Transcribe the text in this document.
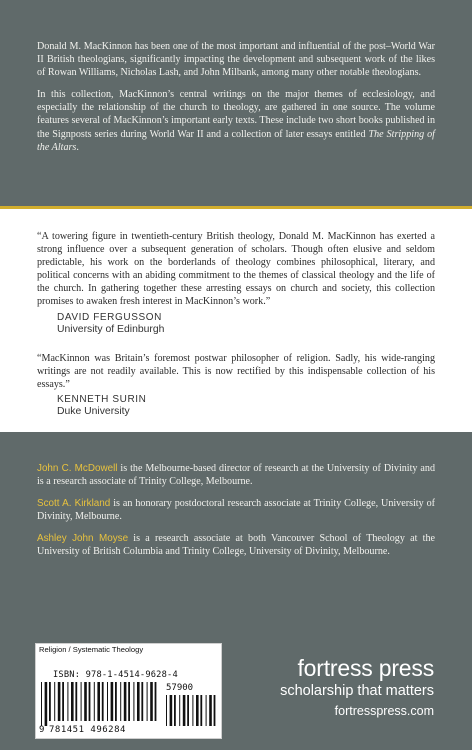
Donald M. MacKinnon has been one of the most important and influential of the post–World War II British theologians, significantly impacting the development and subsequent work of the likes of Rowan Williams, Nicholas Lash, and John Milbank, among many other notable theologians.

In this collection, MacKinnon’s central writings on the major themes of ecclesiology, and especially the relationship of the church to theology, are gathered in one source. The volume features several of MacKinnon’s important early texts. These include two short books published in the Signposts series during World War II and a collection of later essays entitled The Stripping of the Altars.

“A towering figure in twentieth-century British theology, Donald M. MacKinnon has exerted a strong influence over a subsequent generation of scholars. Though often elusive and seldom predictable, his work on the borderlands of theology combines philosophical, literary, and political concerns with an abiding commitment to the themes of classical theology and the life of the church. In gathering together these arresting essays on church and society, this collection promises to awaken fresh interest in MacKinnon’s work.”

DAVID FERGUSSON
University of Edinburgh

“MacKinnon was Britain’s foremost postwar philosopher of religion. Sadly, his wide-ranging writings are not readily available. This is now rectified by this indispensable collection of his essays.”

KENNETH SURIN
Duke University

John C. McDowell is the Melbourne-based director of research at the University of Divinity and is a research associate of Trinity College, Melbourne.

Scott A. Kirkland is an honorary postdoctoral research associate at Trinity College, University of Divinity, Melbourne.

Ashley John Moyse is a research associate at both Vancouver School of Theology at the University of British Columbia and Trinity College, University of Divinity, Melbourne.

Religion / Systematic Theology
ISBN: 978-1-4514-9628-4
57900
9 781451 496284
fortress press
scholarship that matters
fortresspress.com
